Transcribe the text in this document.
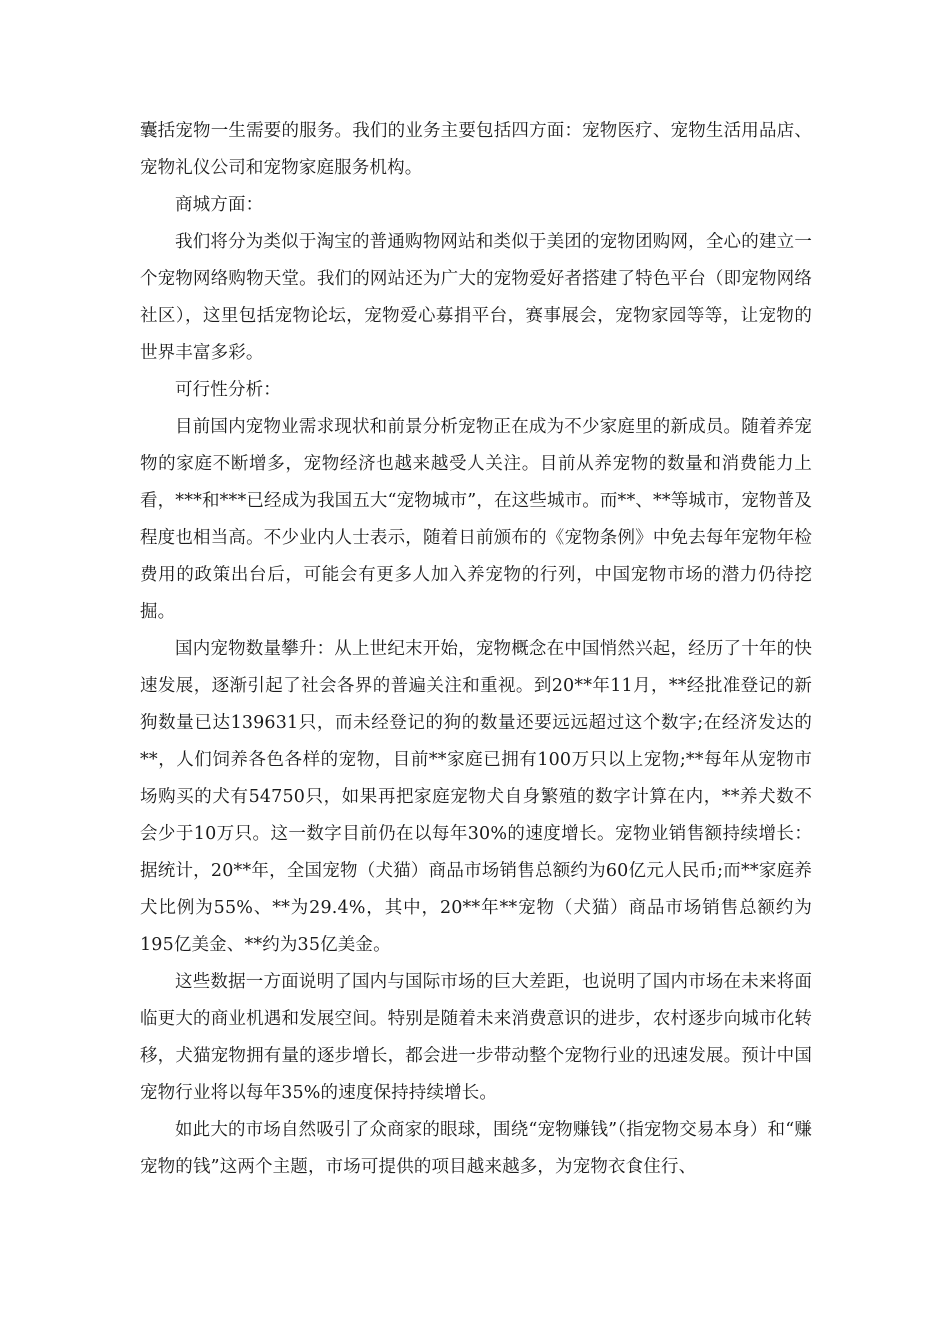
囊括宠物一生需要的服务。我们的业务主要包括四方面：宠物医疗、宠物生活用品店、宠物礼仪公司和宠物家庭服务机构。

商城方面：

我们将分为类似于淘宝的普通购物网站和类似于美团的宠物团购网，全心的建立一个宠物网络购物天堂。我们的网站还为广大的宠物爱好者搭建了特色平台（即宠物网络社区），这里包括宠物论坛，宠物爱心募捐平台，赛事展会，宠物家园等等，让宠物的世界丰富多彩。

可行性分析：

目前国内宠物业需求现状和前景分析宠物正在成为不少家庭里的新成员。随着养宠物的家庭不断增多，宠物经济也越来越受人关注。目前从养宠物的数量和消费能力上看，***和***已经成为我国五大“宠物城市”，在这些城市。而**、**等城市，宠物普及程度也相当高。不少业内人士表示，随着日前颁布的《宠物条例》中免去每年宠物年检费用的政策出台后，可能会有更多人加入养宠物的行列，中国宠物市场的潜力仍待挖掘。

国内宠物数量攀升：从上世纪末开始，宠物概念在中国悄然兴起，经历了十年的快速发展，逐渐引起了社会各界的普遍关注和重视。到20**年11月，**经批准登记的新狗数量已达139631只，而未经登记的狗的数量还要远远超过这个数字;在经济发达的**，人们饲养各色各样的宠物，目前**家庭已拥有100万只以上宠物;**每年从宠物市场购买的犬有54750只，如果再把家庭宠物犬自身繁殖的数字计算在内，**养犬数不会少于10万只。这一数字目前仍在以每年30%的速度增长。宠物业销售额持续增长：据统计，20**年，全国宠物（犬猫）商品市场销售总额约为60亿元人民币;而**家庭养犬比例为55%、**为29.4%，其中，20**年**宠物（犬猫）商品市场销售总额约为195亿美金、**约为35亿美金。

这些数据一方面说明了国内与国际市场的巨大差距，也说明了国内市场在未来将面临更大的商业机遇和发展空间。特别是随着未来消费意识的进步，农村逐步向城市化转移，犬猫宠物拥有量的逐步增长，都会进一步带动整个宠物行业的迅速发展。预计中国宠物行业将以每年35%的速度保持持续增长。

如此大的市场自然吸引了众商家的眼球，围绕“宠物赚钱”（指宠物交易本身）和“赚宠物的钱”这两个主题，市场可提供的项目越来越多，为宠物衣食住行、
